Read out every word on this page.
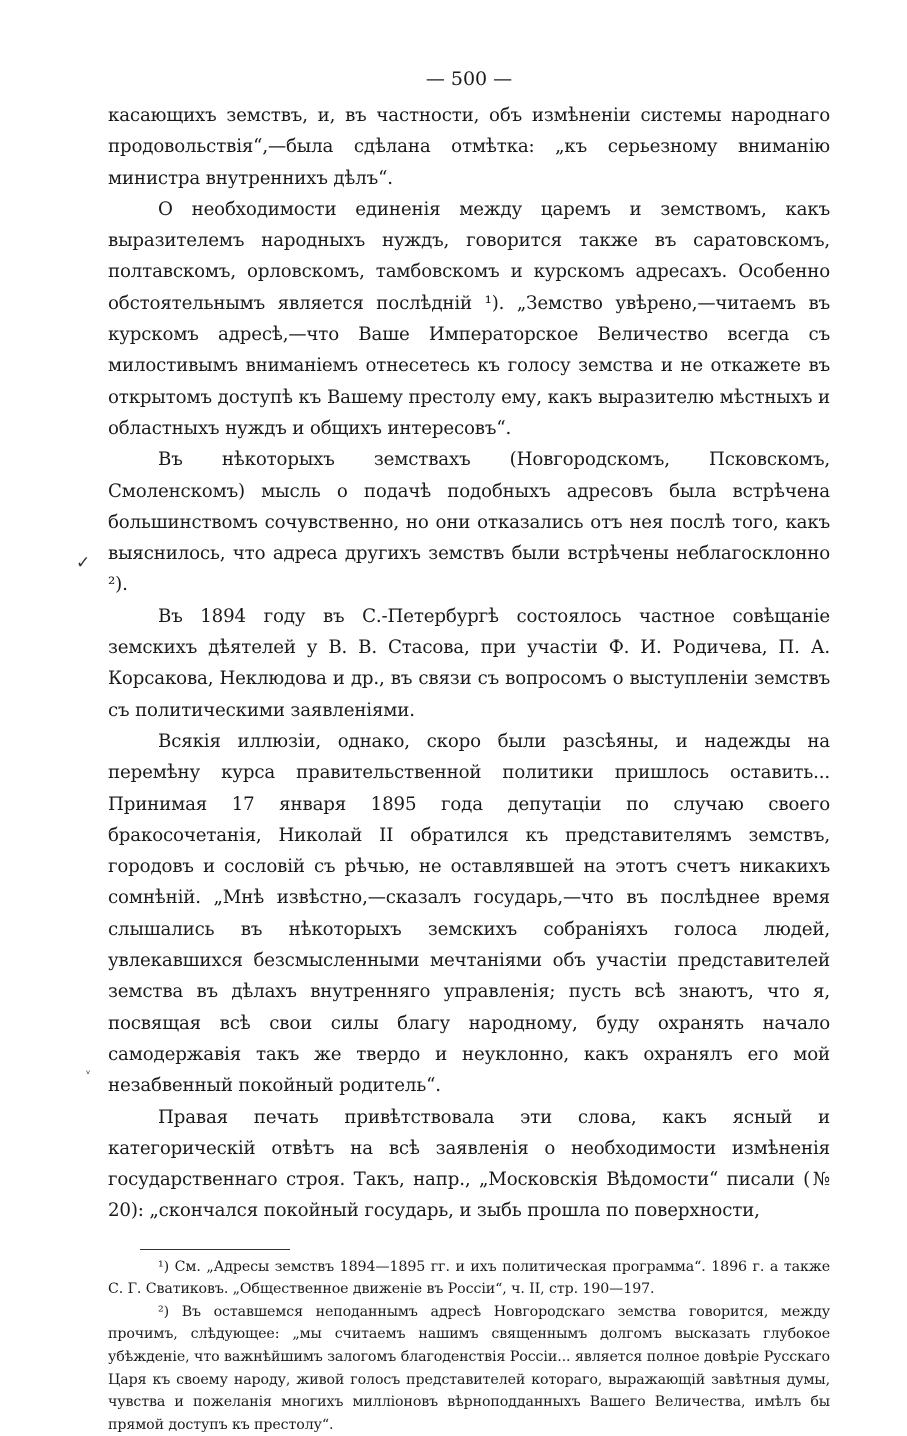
— 500 —

касающихъ земствъ, и, въ частности, объ измѣненіи системы народнаго продовольствія“,—была сдѣлана отмѣтка: „къ серьезному вниманію министра внутреннихъ дѣлъ“.

О необходимости единенія между царемъ и земствомъ, какъ выразителемъ народныхъ нуждъ, говорится также въ саратовскомъ, полтавскомъ, орловскомъ, тамбовскомъ и курскомъ адресахъ. Особенно обстоятельнымъ является послѣдній ¹). „Земство увѣрено,—читаемъ въ курскомъ адресѣ,—что Ваше Императорское Величество всегда съ милостивымъ вниманіемъ отнесетесь къ голосу земства и не откажете въ открытомъ доступѣ къ Вашему престолу ему, какъ выразителю мѣстныхъ и областныхъ нуждъ и общихъ интересовъ“.

Въ нѣкоторыхъ земствахъ (Новгородскомъ, Псковскомъ, Смоленскомъ) мысль о подачѣ подобныхъ адресовъ была встрѣчена большинствомъ сочувственно, но они отказались отъ нея послѣ того, какъ выяснилось, что адреса другихъ земствъ были встрѣчены неблагосклонно ²).

Въ 1894 году въ С.-Петербургѣ состоялось частное совѣщаніе земскихъ дѣятелей у В. В. Стасова, при участіи Ф. И. Родичева, П. А. Корсакова, Неклюдова и др., въ связи съ вопросомъ о выступленіи земствъ съ политическими заявленіями.

Всякія иллюзіи, однако, скоро были разсѣяны, и надежды на перемѣну курса правительственной политики пришлось оставить... Принимая 17 января 1895 года депутаціи по случаю своего бракосочетанія, Николай II обратился къ представителямъ земствъ, городовъ и сословій съ рѣчью, не оставлявшей на этотъ счетъ никакихъ сомнѣній. „Мнѣ извѣстно,—сказалъ государь,—что въ послѣднее время слышались въ нѣкоторыхъ земскихъ собраніяхъ голоса людей, увлекавшихся безсмысленными мечтаніями объ участіи представителей земства въ дѣлахъ внутренняго управленія; пусть всѣ знаютъ, что я, посвящая всѣ свои силы благу народному, буду охранять начало самодержавія такъ же твердо и неуклонно, какъ охранялъ его мой незабвенный покойный родитель“.

Правая печать привѣтствовала эти слова, какъ ясный и категорическій отвѣтъ на всѣ заявленія о необходимости измѣненія государственнаго строя. Такъ, напр., „Московскія Вѣдомости“ писали (№ 20): „скончался покойный государь, и зыбь прошла по поверхности,

¹) См. „Адресы земствъ 1894—1895 гг. и ихъ политическая программа“. 1896 г. а также С. Г. Сватиковъ. „Общественное движеніе въ Россіи“, ч. II, стр. 190—197.

²) Въ оставшемся неподаннымъ адресѣ Новгородскаго земства говорится, между прочимъ, слѣдующее: „мы считаемъ нашимъ священнымъ долгомъ высказать глубокое убѣжденіе, что важнѣйшимъ залогомъ благоденствія Россіи... является полное довѣріе Русскаго Царя къ своему народу, живой голосъ представителей котораго, выражающій завѣтныя думы, чувства и пожеланія многихъ милліоновъ вѣрноподданныхъ Вашего Величества, имѣлъ бы прямой доступъ къ престолу“.

✓
ᵥ
